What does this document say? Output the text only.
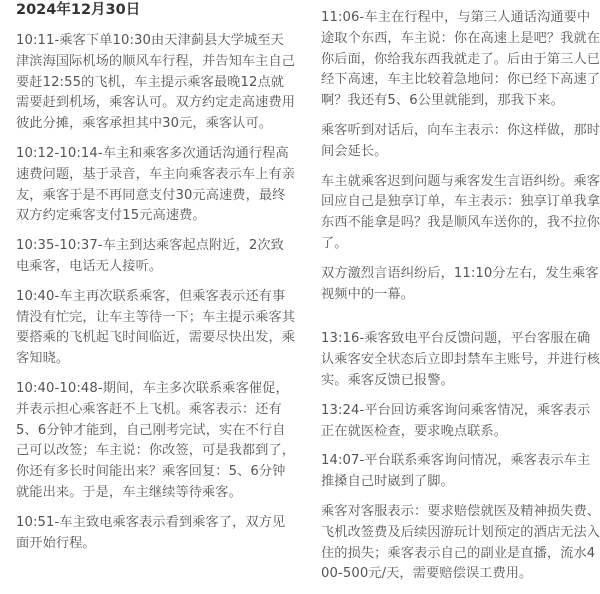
2024年12月30日

10:11-乘客下单10:30由天津蓟县大学城至天津滨海国际机场的顺风车行程，并告知车主自己要赶12:55的飞机，车主提示乘客最晚12点就需要赶到机场，乘客认可。双方约定走高速费用彼此分摊，乘客承担其中30元，乘客认可。

10:12-10:14-车主和乘客多次通话沟通行程高速费问题，基于录音，车主向乘客表示车上有亲友，乘客于是不再同意支付30元高速费，最终双方约定乘客支付15元高速费。

10:35-10:37-车主到达乘客起点附近，2次致电乘客，电话无人接听。

10:40-车主再次联系乘客，但乘客表示还有事情没有忙完，让车主等待一下；车主提示乘客其要搭乘的飞机起飞时间临近，需要尽快出发，乘客知晓。

10:40-10:48-期间，车主多次联系乘客催促，并表示担心乘客赶不上飞机。乘客表示：还有5、6分钟才能到，自己刚考完试，实在不行自己可以改签；车主说：你改签，可是我都到了，你还有多长时间能出来？乘客回复：5、6分钟就能出来。于是，车主继续等待乘客。

10:51-车主致电乘客表示看到乘客了，双方见面开始行程。

11:06-车主在行程中，与第三人通话沟通要中途取个东西，车主说：你在高速上是吧？我就在你后面，你给我东西我就走了。后由于第三人已经下高速，车主比较着急地问：你已经下高速了啊？我还有5、6公里就能到，那我下来。

乘客听到对话后，向车主表示：你这样做，那时间会延长。

车主就乘客迟到问题与乘客发生言语纠纷。乘客回应自己是独享订单，车主表示：独享订单我拿东西不能拿是吗？我是顺风车送你的，我不拉你了。

双方激烈言语纠纷后，11:10分左右，发生乘客视频中的一幕。

13:16-乘客致电平台反馈问题，平台客服在确认乘客安全状态后立即封禁车主账号，并进行核实。乘客反馈已报警。

13:24-平台回访乘客询问乘客情况，乘客表示正在就医检查，要求晚点联系。

14:07-平台联系乘客询问情况，乘客表示车主推搡自己时崴到了脚。

乘客对客服表示：要求赔偿就医及精神损失费、飞机改签费及后续因游玩计划预定的酒店无法入住的损失；乘客表示自己的副业是直播，流水400-500元/天，需要赔偿误工费用。
